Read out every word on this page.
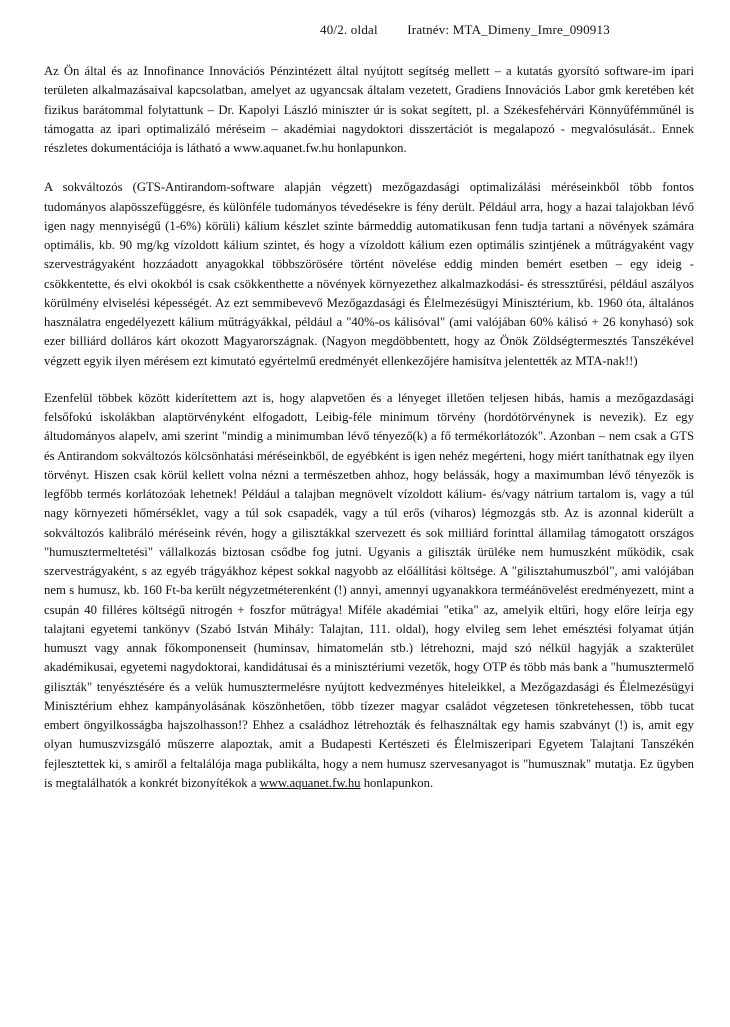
40/2. oldal Iratnév: MTA_Dimeny_Imre_090913

Az Ön által és az Innofinance Innovációs Pénzintézett által nyújtott segítség mellett – a kutatás gyorsító software-im ipari területen alkalmazásaival kapcsolatban, amelyet az ugyancsak általam vezetett, Gradiens Innovációs Labor gmk keretében két fizikus barátommal folytattunk – Dr. Kapolyi László miniszter úr is sokat segített, pl. a Székesfehérvári Könnyűfémműnél is támogatta az ipari optimalizáló méréseim – akadémiai nagydoktori disszertációt is megalapozó - megvalósulását.. Ennek részletes dokumentációja is látható a www.aquanet.fw.hu honlapunkon.

A sokváltozós (GTS-Antirandom-software alapján végzett) mezőgazdasági optimalizálási méréseinkből több fontos tudományos alapösszefüggésre, és különféle tudományos tévedésekre is fény derült. Például arra, hogy a hazai talajokban lévő igen nagy mennyiségű (1-6%) körüli) kálium készlet szinte bármeddig automatikusan fenn tudja tartani a növények számára optimális, kb. 90 mg/kg vízoldott kálium szintet, és hogy a vízoldott kálium ezen optimális szintjének a műtrágyaként vagy szervestrágyaként hozzáadott anyagokkal többszörösére történt növelése eddig minden bemért esetben – egy ideig - csökkentette, és elvi okokból is csak csökkenthette a növények környezethez alkalmazkodási- és stressztűrési, például aszályos körülmény elviselési képességét. Az ezt semmibevevő Mezőgazdasági és Élelmezésügyi Minisztérium, kb. 1960 óta, általános használatra engedélyezett kálium műtrágyákkal, például a "40%-os kálisóval" (ami valójában 60% kálisó + 26 konyhasó) sok ezer billiárd dolláros kárt okozott Magyarországnak. (Nagyon megdöbbentett, hogy az Önök Zöldségtermesztés Tanszékével végzett egyik ilyen mérésem ezt kimutató egyértelmű eredményét ellenkezőjére hamisítva jelentették az MTA-nak!!)

Ezenfelül többek között kiderítettem azt is, hogy alapvetően és a lényeget illetően teljesen hibás, hamis a mezőgazdasági felsőfokú iskolákban alaptörvényként elfogadott, Leibig-féle minimum törvény (hordótörvénynek is nevezik). Ez egy áltudományos alapelv, ami szerint "mindig a minimumban lévő tényező(k) a fő termékorlátozók". Azonban – nem csak a GTS és Antirandom sokváltozós kölcsönhatási méréseinkből, de egyébként is igen nehéz megérteni, hogy miért taníthatnak egy ilyen törvényt. Hiszen csak körül kellett volna nézni a természetben ahhoz, hogy belássák, hogy a maximumban lévő tényezők is legfőbb termés korlátozóak lehetnek! Például a talajban megnövelt vízoldott kálium- és/vagy nátrium tartalom is, vagy a túl nagy környezeti hőmérséklet, vagy a túl sok csapadék, vagy a túl erős (viharos) légmozgás stb. Az is azonnal kiderült a sokváltozós kalibráló méréseink révén, hogy a gilisztákkal szervezett és sok milliárd forinttal államilag támogatott országos "humusztermeltetési" vállalkozás biztosan csődbe fog jutni. Ugyanis a giliszták ürüléke nem humuszként működik, csak szervestrágyaként, s az egyéb trágyákhoz képest sokkal nagyobb az előállítási költsége. A "gilisztahumuszból", ami valójában nem s humusz, kb. 160 Ft-ba került négyzetméterenként (!) annyi, amennyi ugyanakkora terméánövelést eredményezett, mint a csupán 40 filléres költségű nitrogén + foszfor műtrágya! Miféle akadémiai "etika" az, amelyik eltűri, hogy előre leírja egy talajtani egyetemi tankönyv (Szabó István Mihály: Talajtan, 111. oldal), hogy elvileg sem lehet emésztési folyamat útján humuszt vagy annak főkomponenseit (huminsav, himatomelán stb.) létrehozni, majd szó nélkül hagyják a szakterület akadémikusai, egyetemi nagydoktorai, kandidátusai és a minisztériumi vezetők, hogy OTP és több más bank a "humusztermelő giliszták" tenyésztésére és a velük humusztermelésre nyújtott kedvezményes hiteleikkel, a Mezőgazdasági és Élelmezésügyi Minisztérium ehhez kampányolásának köszönhetően, több tízezer magyar családot végzetesen tönkretehessen, több tucat embert öngyilkosságba hajszolhasson!? Ehhez a családhoz létrehozták és felhasználtak egy hamis szabványt (!) is, amit egy olyan humuszvizsgáló műszerre alapoztak, amit a Budapesti Kertészeti és Élelmiszeripari Egyetem Talajtani Tanszékén fejlesztettek ki, s amiről a feltalálója maga publikálta, hogy a nem humusz szervesanyagot is "humusznak" mutatja. Ez ügyben is megtalálhatók a konkrét bizonyítékok a www.aquanet.fw.hu honlapunkon.
